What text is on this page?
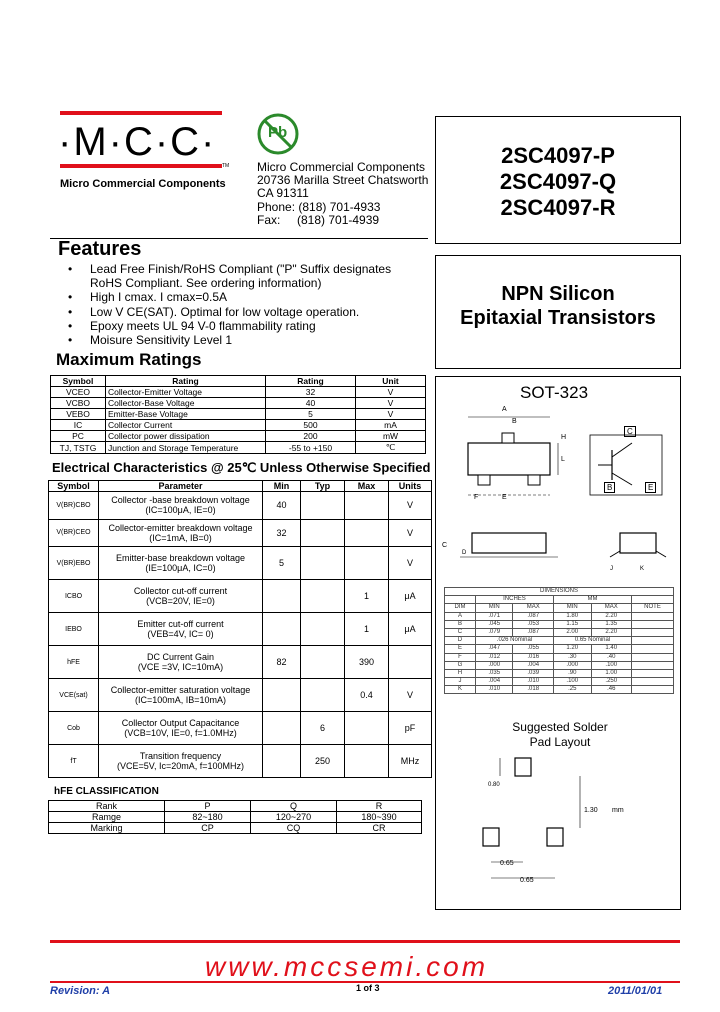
·M·C·C·
TM
Micro Commercial Components
Pb
Micro Commercial Components
20736 Marilla Street Chatsworth
CA 91311
Phone: (818) 701-4933
Fax:     (818) 701-4939
2SC4097-P
2SC4097-Q
2SC4097-R
NPN Silicon
Epitaxial Transistors
Features
•	Lead Free Finish/RoHS Compliant ("P" Suffix designates
RoHS Compliant. See ordering information)
•	High I cmax. I cmax=0.5A
•	Low V CE(SAT). Optimal for low voltage operation.
•	Epoxy meets UL 94 V-0 flammability rating
•	Moisure Sensitivity Level 1
Maximum Ratings
Symbol	Rating	Rating	Unit
VCEO	Collector-Emitter Voltage	32	V
VCBO	Collector-Base Voltage	40	V
VEBO	Emitter-Base Voltage	5	V
IC	Collector Current	500	mA
PC	Collector power dissipation	200	mW
TJ, TSTG	Junction and Storage Temperature	-55 to +150	℃
Electrical Characteristics @ 25℃ Unless Otherwise Specified
Symbol	Parameter	Min	Typ	Max	Units
V(BR)CBO	Collector -base breakdown voltage
(IC=100μA, IE=0)	40			V
V(BR)CEO	Collector-emitter breakdown voltage
(IC=1mA, IB=0)	32			V
V(BR)EBO	Emitter-base breakdown voltage
(IE=100μA, IC=0)	5			V
ICBO	Collector cut-off current
(VCB=20V, IE=0)			1	μA
IEBO	Emitter cut-off current
(VEB=4V, IC= 0)			1	μA
hFE	DC Current Gain
(VCE =3V, IC=10mA)	82		390	
VCE(sat)	Collector-emitter saturation voltage
(IC=100mA, IB=10mA)			0.4	V
Cob	Collector Output Capacitance
(VCB=10V, IE=0, f=1.0MHz)		6		pF
fT	Transition frequency
(VCE=5V, Ic=20mA, f=100MHz)		250		MHz
hFE CLASSIFICATION
Rank	P	Q	R
Ramge	82~180	120~270	180~390
Marking	CP	CQ	CR
SOT-323
A
B
C
D
E
F
H
J	K
L
C
B	E
DIMENSIONS					
	INCHES		MM		
DIM	MIN	MAX	MIN	MAX	NOTE
A	.071	.087	1.80	2.20	
B	.045	.053	1.15	1.35	
C	.079	.087	2.00	2.20	
D	.026 Nominal		0.65 Nominal		
E	.047	.055	1.20	1.40	
F	.012	.016	.30	.40	
G	.000	.004	.000	.100	
H	.035	.039	.90	1.00	
J	.004	.010	.100	.250	
K	.010	.018	.25	.46	
Suggested Solder
Pad Layout
0.80
1.30 mm
0.65
0.65
www.mccsemi.com
Revision: A	1 of 3	2011/01/01
